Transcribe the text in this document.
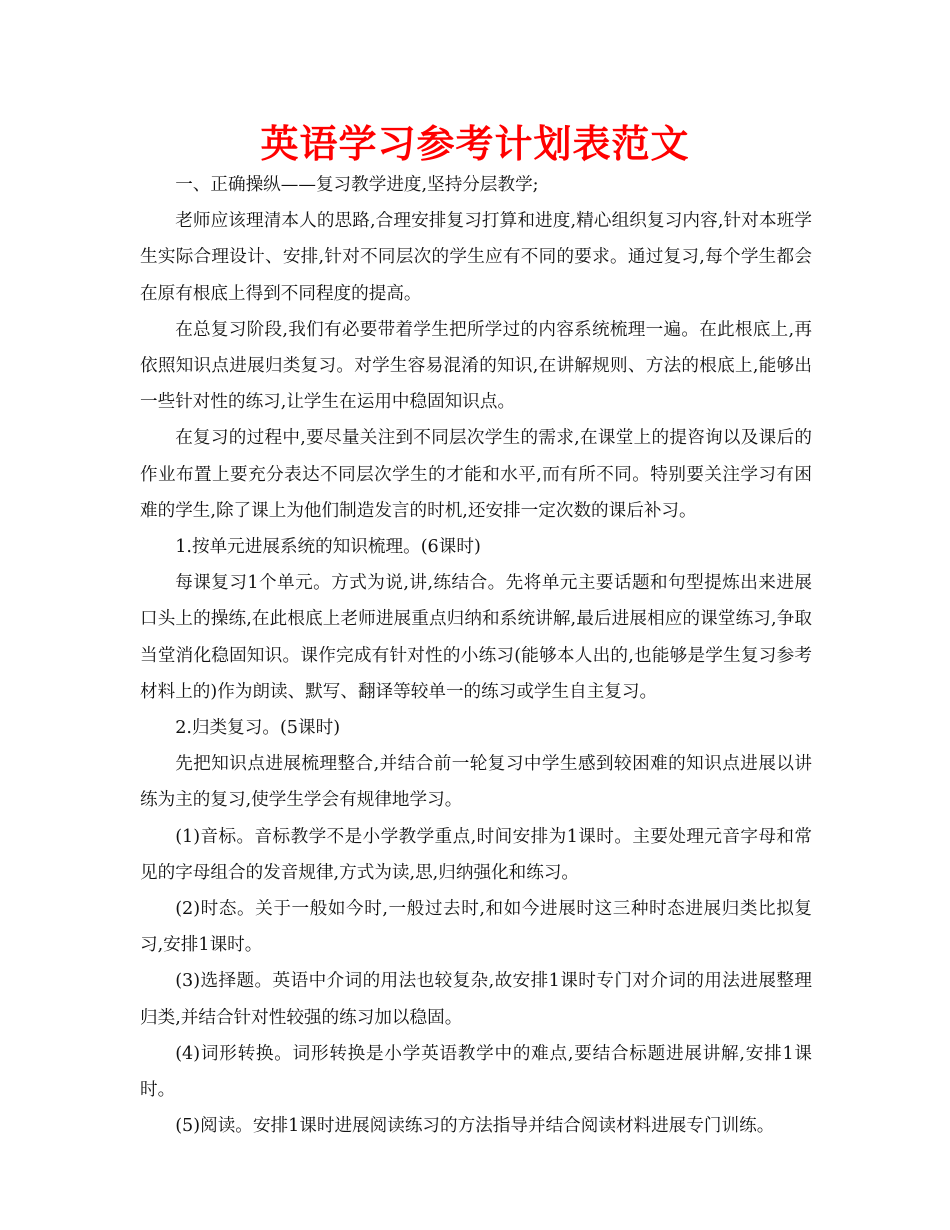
英语学习参考计划表范文

一、正确操纵——复习教学进度,坚持分层教学;

老师应该理清本人的思路,合理安排复习打算和进度,精心组织复习内容,针对本班学生实际合理设计、安排,针对不同层次的学生应有不同的要求。通过复习,每个学生都会在原有根底上得到不同程度的提高。

在总复习阶段,我们有必要带着学生把所学过的内容系统梳理一遍。在此根底上,再依照知识点进展归类复习。对学生容易混淆的知识,在讲解规则、方法的根底上,能够出一些针对性的练习,让学生在运用中稳固知识点。

在复习的过程中,要尽量关注到不同层次学生的需求,在课堂上的提咨询以及课后的作业布置上要充分表达不同层次学生的才能和水平,而有所不同。特别要关注学习有困难的学生,除了课上为他们制造发言的时机,还安排一定次数的课后补习。

1.按单元进展系统的知识梳理。(6课时)

每课复习1个单元。方式为说,讲,练结合。先将单元主要话题和句型提炼出来进展口头上的操练,在此根底上老师进展重点归纳和系统讲解,最后进展相应的课堂练习,争取当堂消化稳固知识。课作完成有针对性的小练习(能够本人出的,也能够是学生复习参考材料上的)作为朗读、默写、翻译等较单一的练习或学生自主复习。

2.归类复习。(5课时)

先把知识点进展梳理整合,并结合前一轮复习中学生感到较困难的知识点进展以讲练为主的复习,使学生学会有规律地学习。

(1)音标。音标教学不是小学教学重点,时间安排为1课时。主要处理元音字母和常见的字母组合的发音规律,方式为读,思,归纳强化和练习。

(2)时态。关于一般如今时,一般过去时,和如今进展时这三种时态进展归类比拟复习,安排1课时。

(3)选择题。英语中介词的用法也较复杂,故安排1课时专门对介词的用法进展整理归类,并结合针对性较强的练习加以稳固。

(4)词形转换。词形转换是小学英语教学中的难点,要结合标题进展讲解,安排1课时。

(5)阅读。安排1课时进展阅读练习的方法指导并结合阅读材料进展专门训练。
